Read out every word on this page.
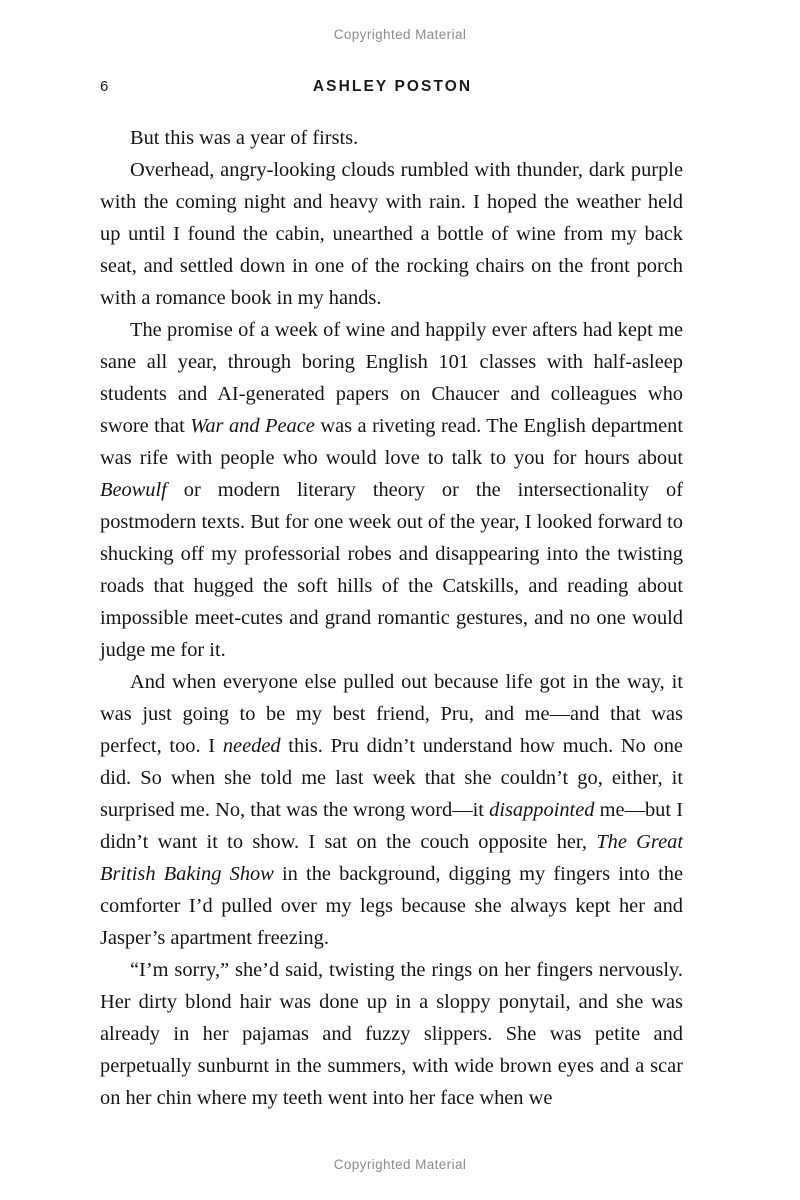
Copyrighted Material
6	ASHLEY POSTON

But this was a year of firsts.

Overhead, angry-looking clouds rumbled with thunder, dark purple with the coming night and heavy with rain. I hoped the weather held up until I found the cabin, unearthed a bottle of wine from my back seat, and settled down in one of the rocking chairs on the front porch with a romance book in my hands.

The promise of a week of wine and happily ever afters had kept me sane all year, through boring English 101 classes with half-asleep students and AI-generated papers on Chaucer and colleagues who swore that War and Peace was a riveting read. The English department was rife with people who would love to talk to you for hours about Beowulf or modern literary theory or the intersectionality of postmodern texts. But for one week out of the year, I looked forward to shucking off my professorial robes and disappearing into the twisting roads that hugged the soft hills of the Catskills, and reading about impossible meet-cutes and grand romantic gestures, and no one would judge me for it.

And when everyone else pulled out because life got in the way, it was just going to be my best friend, Pru, and me—and that was perfect, too. I needed this. Pru didn’t understand how much. No one did. So when she told me last week that she couldn’t go, either, it surprised me. No, that was the wrong word—it disappointed me—but I didn’t want it to show. I sat on the couch opposite her, The Great British Baking Show in the background, digging my fingers into the comforter I’d pulled over my legs because she always kept her and Jasper’s apartment freezing.

“I’m sorry,” she’d said, twisting the rings on her fingers nervously. Her dirty blond hair was done up in a sloppy ponytail, and she was already in her pajamas and fuzzy slippers. She was petite and perpetually sunburnt in the summers, with wide brown eyes and a scar on her chin where my teeth went into her face when we

Copyrighted Material
